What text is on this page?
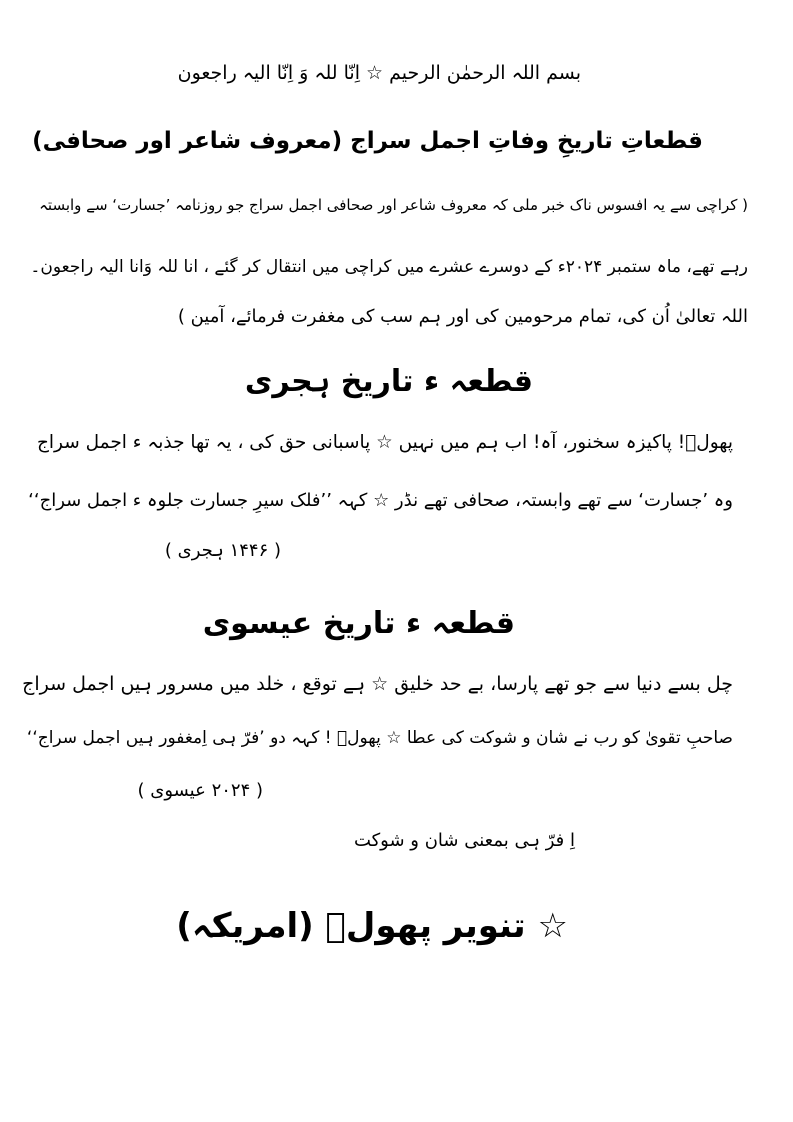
بسم اللہ الرحمٰن الرحیم ☆ اِنّا للہ وَ اِنّا الیہ راجعون
قطعاتِ تاریخِ وفاتِ اجمل سراج (معروف شاعر اور صحافی)
( کراچی سے یہ افسوس ناک خبر ملی کہ معروف شاعر اور صحافی اجمل سراج جو روزنامہ ’جسارت‘ سے وابستہ
رہے تھے، ماہ ستمبر ۲۰۲۴ء کے دوسرے عشرے میں کراچی میں انتقال کر گئے ، انا للہ وَانا الیہ راجعون۔
اللہ تعالیٰ اُن کی، تمام مرحومین کی اور ہم سب کی مغفرت فرمائے، آمین )
قطعہ ء تاریخ ہجری
پھولؔ! پاکیزہ سخنور، آہ! اب ہم میں نہیں ☆ پاسبانی حق کی ، یہ تھا جذبہ ء اجمل سراج
وہ ’جسارت‘ سے تھے وابستہ، صحافی تھے نڈر ☆ کہہ ’’فلک سیرِ جسارت جلوہ ء اجمل سراج‘‘
( ۱۴۴۶ ہجری )
قطعہ ء تاریخ عیسوی
چل بسے دنیا سے جو تھے پارسا، بے حد خلیق ☆ ہے توقع ، خلد میں مسرور ہیں اجمل سراج
صاحبِ تقویٰ کو رب نے شان و شوکت کی عطا ☆ پھولؔ ! کہہ دو ’فرّ ہی اِمغفور ہیں اجمل سراج‘‘
( ۲۰۲۴ عیسوی )
اِ فرّ ہی بمعنی شان و شوکت
☆ تنویر پھولؔ (امریکہ)
